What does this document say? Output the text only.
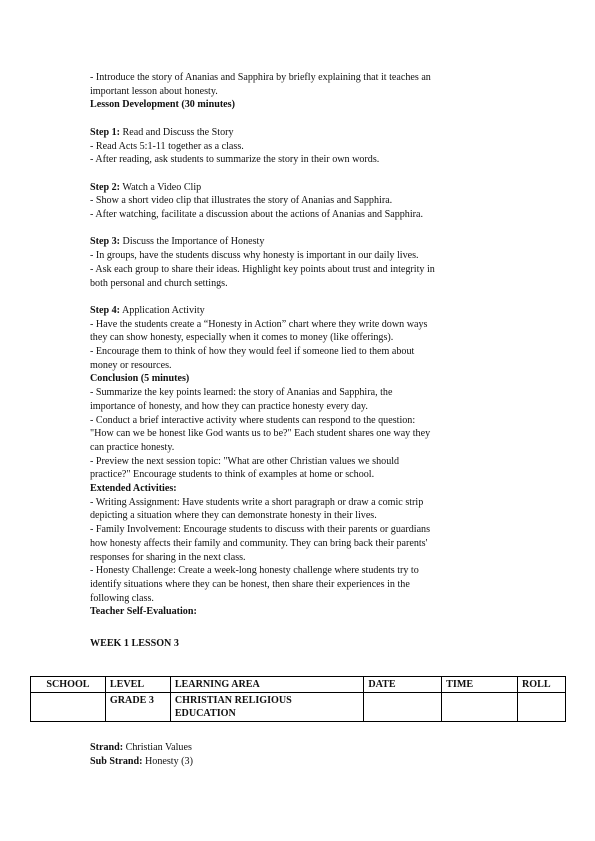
- Introduce the story of Ananias and Sapphira by briefly explaining that it teaches an
important lesson about honesty.
Lesson Development (30 minutes)
Step 1: Read and Discuss the Story
- Read Acts 5:1-11 together as a class.
- After reading, ask students to summarize the story in their own words.
Step 2: Watch a Video Clip
- Show a short video clip that illustrates the story of Ananias and Sapphira.
- After watching, facilitate a discussion about the actions of Ananias and Sapphira.
Step 3: Discuss the Importance of Honesty
- In groups, have the students discuss why honesty is important in our daily lives.
- Ask each group to share their ideas. Highlight key points about trust and integrity in
both personal and church settings.
Step 4: Application Activity
- Have the students create a “Honesty in Action” chart where they write down ways
they can show honesty, especially when it comes to money (like offerings).
- Encourage them to think of how they would feel if someone lied to them about
money or resources.
Conclusion (5 minutes)
- Summarize the key points learned: the story of Ananias and Sapphira, the
importance of honesty, and how they can practice honesty every day.
- Conduct a brief interactive activity where students can respond to the question:
"How can we be honest like God wants us to be?" Each student shares one way they
can practice honesty.
- Preview the next session topic: "What are other Christian values we should
practice?" Encourage students to think of examples at home or school.
Extended Activities:
- Writing Assignment: Have students write a short paragraph or draw a comic strip
depicting a situation where they can demonstrate honesty in their lives.
- Family Involvement: Encourage students to discuss with their parents or guardians
how honesty affects their family and community. They can bring back their parents'
responses for sharing in the next class.
- Honesty Challenge: Create a week-long honesty challenge where students try to
identify situations where they can be honest, then share their experiences in the
following class.
Teacher Self-Evaluation:
WEEK 1 LESSON 3
SCHOOL	LEVEL	LEARNING AREA	DATE	TIME	ROLL
	GRADE 3	CHRISTIAN RELIGIOUS
EDUCATION			
Strand: Christian Values
Sub Strand: Honesty (3)
